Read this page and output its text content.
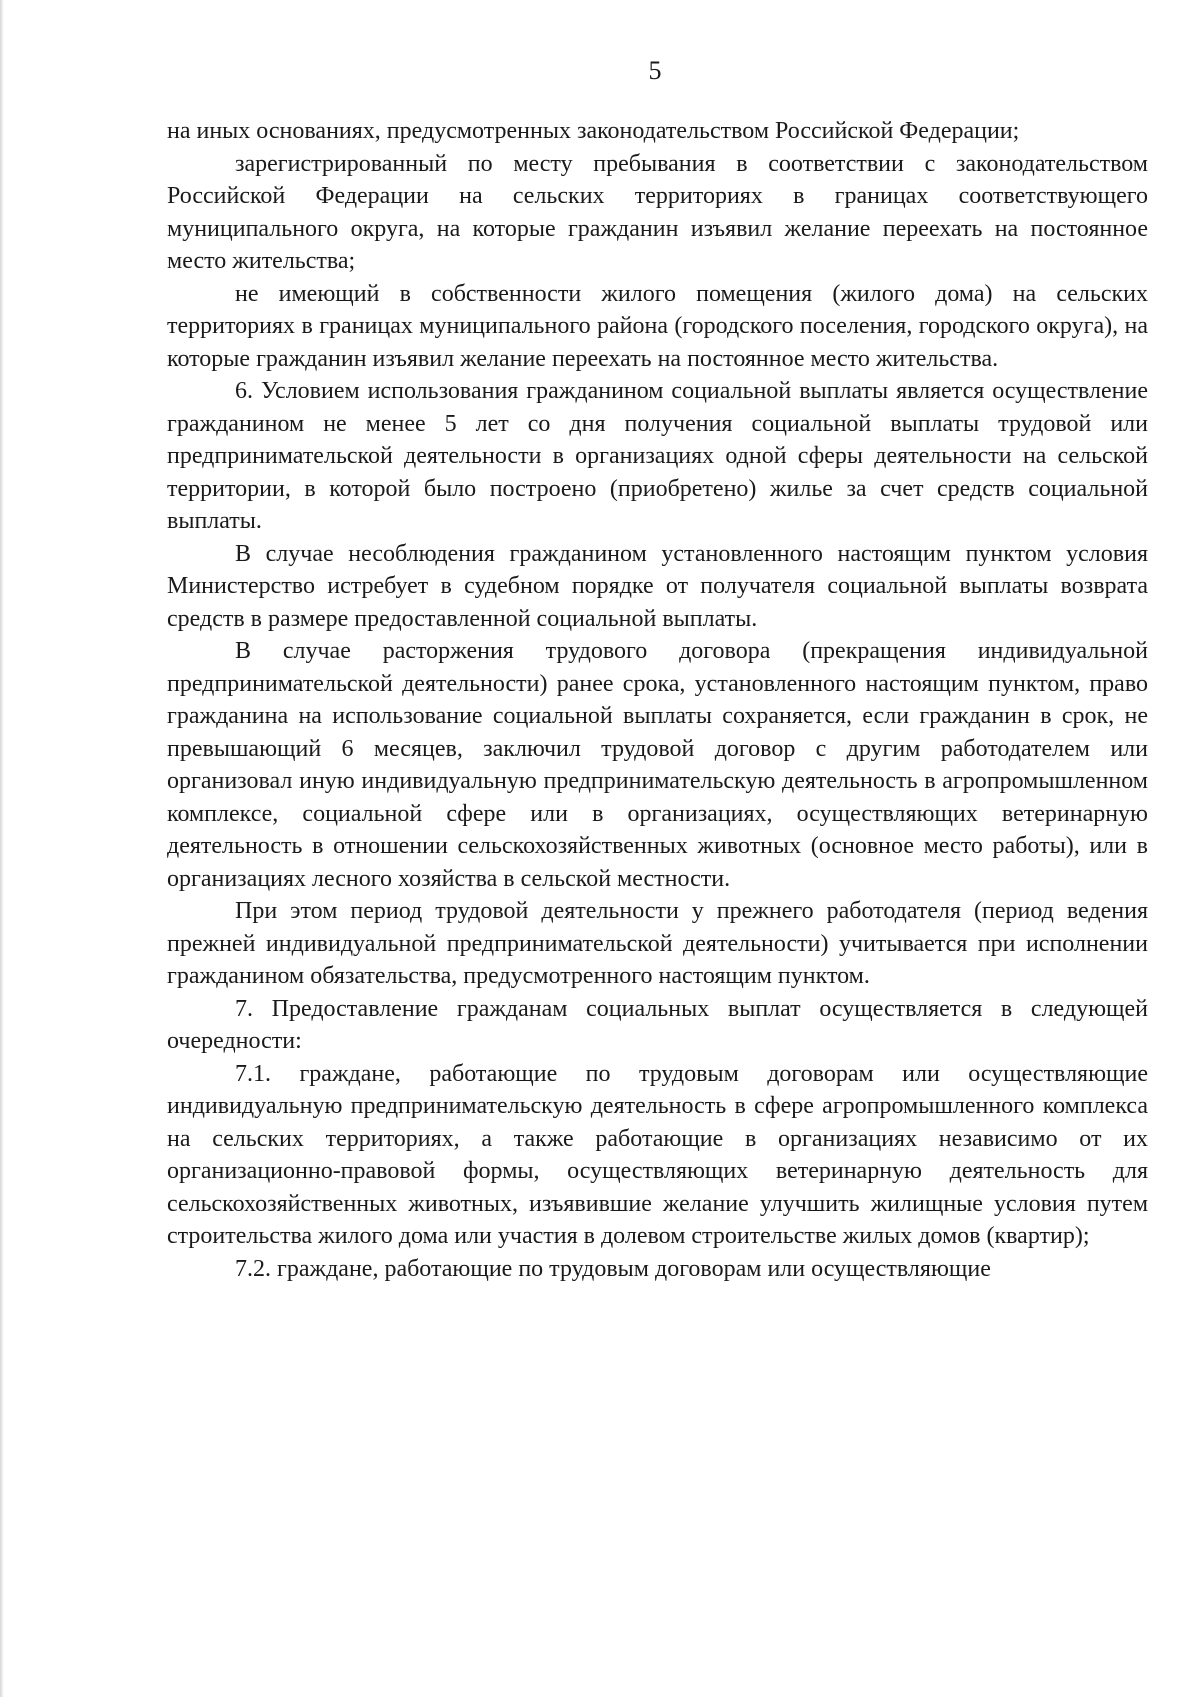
5

на иных основаниях, предусмотренных законодательством Российской Федерации;

зарегистрированный по месту пребывания в соответствии с законодательством Российской Федерации на сельских территориях в границах соответствующего муниципального округа, на которые гражданин изъявил желание переехать на постоянное место жительства;

не имеющий в собственности жилого помещения (жилого дома) на сельских территориях в границах муниципального района (городского поселения, городского округа), на которые гражданин изъявил желание переехать на постоянное место жительства.

6. Условием использования гражданином социальной выплаты является осуществление гражданином не менее 5 лет со дня получения социальной выплаты трудовой или предпринимательской деятельности в организациях одной сферы деятельности на сельской территории, в которой было построено (приобретено) жилье за счет средств социальной выплаты.

В случае несоблюдения гражданином установленного настоящим пунктом условия Министерство истребует в судебном порядке от получателя социальной выплаты возврата средств в размере предоставленной социальной выплаты.

В случае расторжения трудового договора (прекращения индивидуальной предпринимательской деятельности) ранее срока, установленного настоящим пунктом, право гражданина на использование социальной выплаты сохраняется, если гражданин в срок, не превышающий 6 месяцев, заключил трудовой договор с другим работодателем или организовал иную индивидуальную предпринимательскую деятельность в агропромышленном комплексе, социальной сфере или в организациях, осуществляющих ветеринарную деятельность в отношении сельскохозяйственных животных (основное место работы), или в организациях лесного хозяйства в сельской местности.

При этом период трудовой деятельности у прежнего работодателя (период ведения прежней индивидуальной предпринимательской деятельности) учитывается при исполнении гражданином обязательства, предусмотренного настоящим пунктом.

7. Предоставление гражданам социальных выплат осуществляется в следующей очередности:

7.1. граждане, работающие по трудовым договорам или осуществляющие индивидуальную предпринимательскую деятельность в сфере агропромышленного комплекса на сельских территориях, а также работающие в организациях независимо от их организационно-правовой формы, осуществляющих ветеринарную деятельность для сельскохозяйственных животных, изъявившие желание улучшить жилищные условия путем строительства жилого дома или участия в долевом строительстве жилых домов (квартир);

7.2. граждане, работающие по трудовым договорам или осуществляющие
